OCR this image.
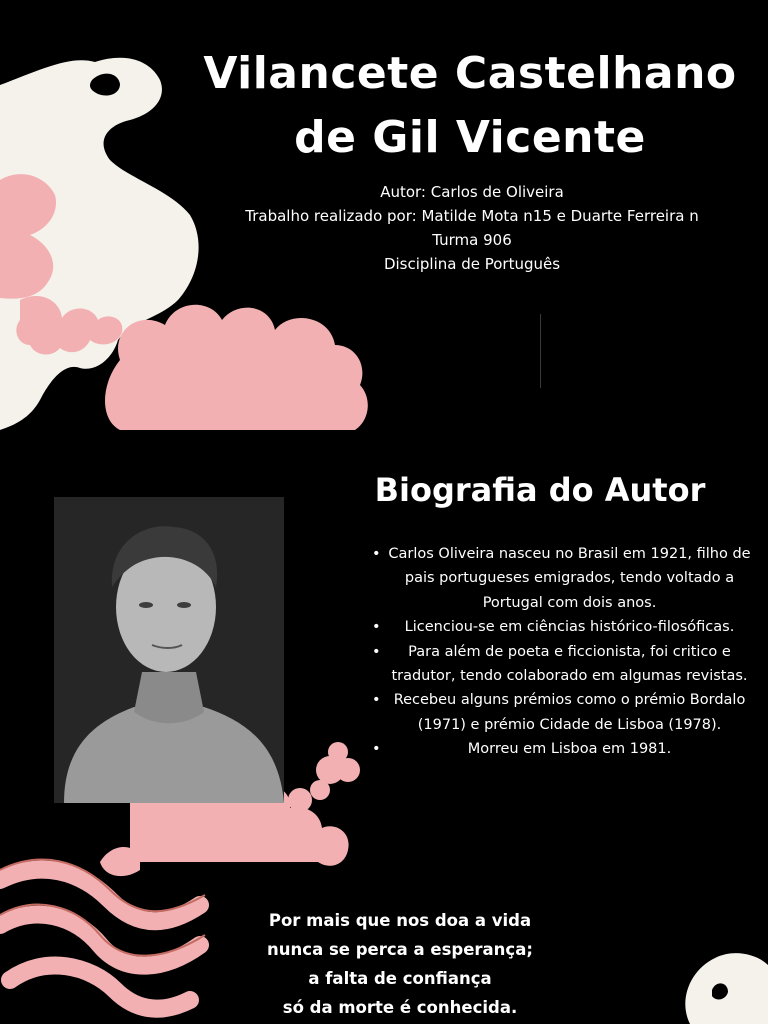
Vilancete Castelhano
de Gil Vicente
Autor: Carlos de Oliveira
Trabalho realizado por: Matilde Mota n15 e Duarte Ferreira n
Turma 906
Disciplina de Português
Biografia do Autor
• Carlos Oliveira nasceu no Brasil em 1921, filho de pais portugueses emigrados, tendo voltado a Portugal com dois anos.
• Licenciou-se em ciências histórico-filosóficas.
• Para além de poeta e ficcionista, foi critico e tradutor, tendo colaborado em algumas revistas.
• Recebeu alguns prémios como o prémio Bordalo (1971) e prémio Cidade de Lisboa (1978).
• Morreu em Lisboa em 1981.
Por mais que nos doa a vida
nunca se perca a esperança;
a falta de confiança
só da morte é conhecida.
